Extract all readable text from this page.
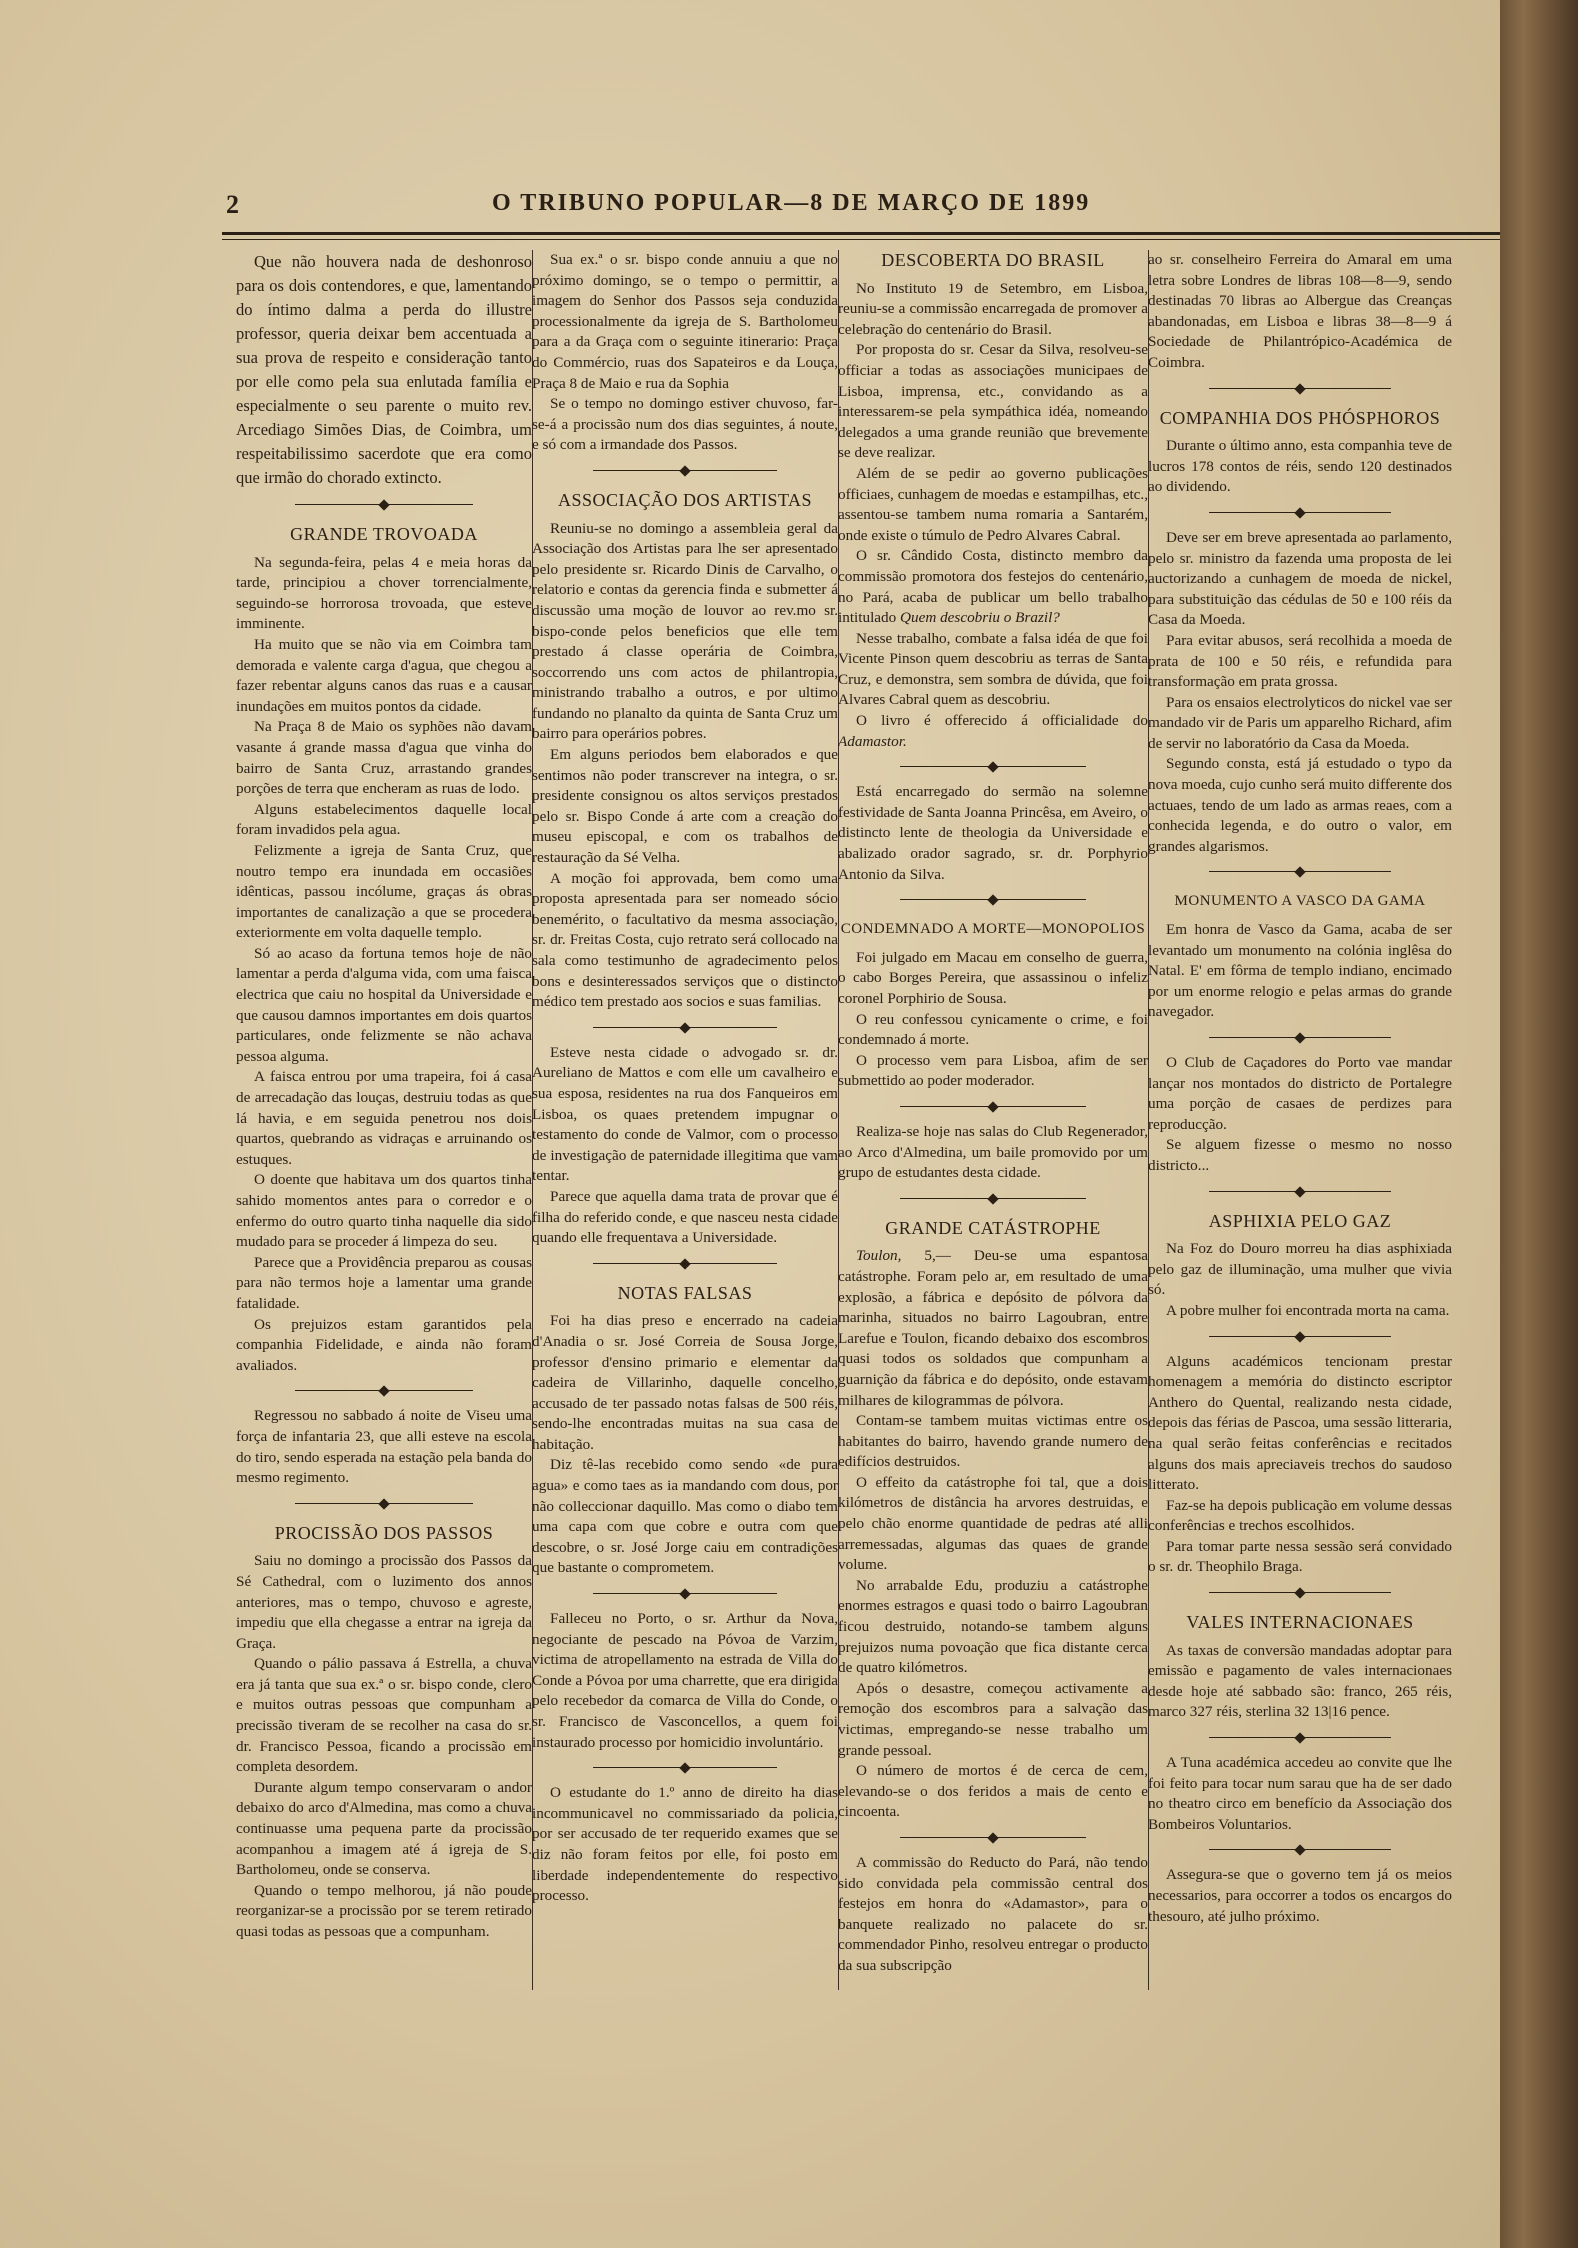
2	O TRIBUNO POPULAR—8 DE MARÇO DE 1899

Que não houvera nada de deshonroso para os dois contendores, e que, lamentando do íntimo dalma a perda do illustre professor, queria deixar bem accentuada a sua prova de respeito e consideração tanto por elle como pela sua enlutada família e especialmente o seu parente o muito rev. Arcediago Simões Dias, de Coimbra, um respeitabilissimo sacerdote que era como que irmão do chorado extincto.

GRANDE TROVOADA

Na segunda-feira, pelas 4 e meia horas da tarde, principiou a chover torrencialmente, seguindo-se horrorosa trovoada, que esteve imminente.

Ha muito que se não via em Coimbra tam demorada e valente carga d'agua, que chegou a fazer rebentar alguns canos das ruas e a causar inundações em muitos pontos da cidade.

Na Praça 8 de Maio os syphões não davam vasante á grande massa d'agua que vinha do bairro de Santa Cruz, arrastando grandes porções de terra que encheram as ruas de lodo.

Alguns estabelecimentos daquelle local foram invadidos pela agua.

Felizmente a igreja de Santa Cruz, que noutro tempo era inundada em occasiões idênticas, passou incólume, graças ás obras importantes de canalização a que se procedera exteriormente em volta daquelle templo.

Só ao acaso da fortuna temos hoje de não lamentar a perda d'alguma vida, com uma faisca electrica que caiu no hospital da Universidade e que causou damnos importantes em dois quartos particulares, onde felizmente se não achava pessoa alguma.

A faisca entrou por uma trapeira, foi á casa de arrecadação das louças, destruiu todas as que lá havia, e em seguida penetrou nos dois quartos, quebrando as vidraças e arruinando os estuques.

O doente que habitava um dos quartos tinha sahido momentos antes para o corredor e o enfermo do outro quarto tinha naquelle dia sido mudado para se proceder á limpeza do seu.

Parece que a Providência preparou as cousas para não termos hoje a lamentar uma grande fatalidade.

Os prejuizos estam garantidos pela companhia Fidelidade, e ainda não foram avaliados.

Regressou no sabbado á noite de Viseu uma força de infantaria 23, que alli esteve na escola do tiro, sendo esperada na estação pela banda do mesmo regimento.

PROCISSÃO DOS PASSOS

Saiu no domingo a procissão dos Passos da Sé Cathedral, com o luzimento dos annos anteriores, mas o tempo, chuvoso e agreste, impediu que ella chegasse a entrar na igreja da Graça.

Quando o pálio passava á Estrella, a chuva era já tanta que sua ex.ª o sr. bispo conde, clero e muitos outras pessoas que compunham a precissão tiveram de se recolher na casa do sr. dr. Francisco Pessoa, ficando a procissão em completa desordem.

Durante algum tempo conservaram o andor debaixo do arco d'Almedina, mas como a chuva continuasse uma pequena parte da procissão acompanhou a imagem até á igreja de S. Bartholomeu, onde se conserva.

Quando o tempo melhorou, já não poude reorganizar-se a procissão por se terem retirado quasi todas as pessoas que a compunham.

Sua ex.ª o sr. bispo conde annuiu a que no próximo domingo, se o tempo o permittir, a imagem do Senhor dos Passos seja conduzida processionalmente da igreja de S. Bartholomeu para a da Graça com o seguinte itinerario: Praça do Commércio, ruas dos Sapateiros e da Louça, Praça 8 de Maio e rua da Sophia

Se o tempo no domingo estiver chuvoso, far-se-á a procissão num dos dias seguintes, á noute, e só com a irmandade dos Passos.

ASSOCIAÇÃO DOS ARTISTAS

Reuniu-se no domingo a assembleia geral da Associação dos Artistas para lhe ser apresentado pelo presidente sr. Ricardo Dinis de Carvalho, o relatorio e contas da gerencia finda e submetter á discussão uma moção de louvor ao rev.mo sr. bispo-conde pelos beneficios que elle tem prestado á classe operária de Coimbra, soccorrendo uns com actos de philantropia, ministrando trabalho a outros, e por ultimo fundando no planalto da quinta de Santa Cruz um bairro para operários pobres.

Em alguns periodos bem elaborados e que sentimos não poder transcrever na integra, o sr. presidente consignou os altos serviços prestados pelo sr. Bispo Conde á arte com a creação do museu episcopal, e com os trabalhos de restauração da Sé Velha.

A moção foi approvada, bem como uma proposta apresentada para ser nomeado sócio benemérito, o facultativo da mesma associação, sr. dr. Freitas Costa, cujo retrato será collocado na sala como testimunho de agradecimento pelos bons e desinteressados serviços que o distincto médico tem prestado aos socios e suas familias.

Esteve nesta cidade o advogado sr. dr. Aureliano de Mattos e com elle um cavalheiro e sua esposa, residentes na rua dos Fanqueiros em Lisboa, os quaes pretendem impugnar o testamento do conde de Valmor, com o processo de investigação de paternidade illegitima que vam tentar.

Parece que aquella dama trata de provar que é filha do referido conde, e que nasceu nesta cidade quando elle frequentava a Universidade.

NOTAS FALSAS

Foi ha dias preso e encerrado na cadeia d'Anadia o sr. José Correia de Sousa Jorge, professor d'ensino primario e elementar da cadeira de Villarinho, daquelle concelho, accusado de ter passado notas falsas de 500 réis, sendo-lhe encontradas muitas na sua casa de habitação.

Diz tê-las recebido como sendo «de pura agua» e como taes as ia mandando com dous, por não colleccionar daquillo. Mas como o diabo tem uma capa com que cobre e outra com que descobre, o sr. José Jorge caiu em contradições que bastante o comprometem.

Falleceu no Porto, o sr. Arthur da Nova, negociante de pescado na Póvoa de Varzim, victima de atropellamento na estrada de Villa do Conde a Póvoa por uma charrette, que era dirigida pelo recebedor da comarca de Villa do Conde, o sr. Francisco de Vasconcellos, a quem foi instaurado processo por homicidio involuntário.

O estudante do 1.º anno de direito ha dias incommunicavel no commissariado da policia, por ser accusado de ter requerido exames que se diz não foram feitos por elle, foi posto em liberdade independentemente do respectivo processo.

DESCOBERTA DO BRASIL

No Instituto 19 de Setembro, em Lisboa, reuniu-se a commissão encarregada de promover a celebração do centenário do Brasil.

Por proposta do sr. Cesar da Silva, resolveu-se officiar a todas as associações municipaes de Lisboa, imprensa, etc., convidando as a interessarem-se pela sympáthica idéa, nomeando delegados a uma grande reunião que brevemente se deve realizar.

Além de se pedir ao governo publicações officiaes, cunhagem de moedas e estampilhas, etc., assentou-se tambem numa romaria a Santarém, onde existe o túmulo de Pedro Alvares Cabral.

O sr. Cândido Costa, distincto membro da commissão promotora dos festejos do centenário, no Pará, acaba de publicar um bello trabalho intitulado Quem descobriu o Brazil?

Nesse trabalho, combate a falsa idéa de que foi Vicente Pinson quem descobriu as terras de Santa Cruz, e demonstra, sem sombra de dúvida, que foi Alvares Cabral quem as descobriu.

O livro é offerecido á officialidade do Adamastor.

Está encarregado do sermão na solemne festividade de Santa Joanna Princêsa, em Aveiro, o distincto lente de theologia da Universidade e abalizado orador sagrado, sr. dr. Porphyrio Antonio da Silva.

CONDEMNADO A MORTE—MONOPOLIOS

Foi julgado em Macau em conselho de guerra, o cabo Borges Pereira, que assassinou o infeliz coronel Porphirio de Sousa.

O reu confessou cynicamente o crime, e foi condemnado á morte.

O processo vem para Lisboa, afim de ser submettido ao poder moderador.

Realiza-se hoje nas salas do Club Regenerador, ao Arco d'Almedina, um baile promovido por um grupo de estudantes desta cidade.

GRANDE CATÁSTROPHE

Toulon, 5,— Deu-se uma espantosa catástrophe. Foram pelo ar, em resultado de uma explosão, a fábrica e depósito de pólvora da marinha, situados no bairro Lagoubran, entre Larefue e Toulon, ficando debaixo dos escombros quasi todos os soldados que compunham a guarnição da fábrica e do depósito, onde estavam milhares de kilogrammas de pólvora.

Contam-se tambem muitas victimas entre os habitantes do bairro, havendo grande numero de edifícios destruidos.

O effeito da catástrophe foi tal, que a dois kilómetros de distância ha arvores destruidas, e pelo chão enorme quantidade de pedras até alli arremessadas, algumas das quaes de grande volume.

No arrabalde Edu, produziu a catástrophe enormes estragos e quasi todo o bairro Lagoubran ficou destruido, notando-se tambem alguns prejuizos numa povoação que fica distante cerca de quatro kilómetros.

Após o desastre, começou activamente a remoção dos escombros para a salvação das victimas, empregando-se nesse trabalho um grande pessoal.

O número de mortos é de cerca de cem, elevando-se o dos feridos a mais de cento e cincoenta.

A commissão do Reducto do Pará, não tendo sido convidada pela commissão central dos festejos em honra do «Adamastor», para o banquete realizado no palacete do sr. commendador Pinho, resolveu entregar o producto da sua subscripção

ao sr. conselheiro Ferreira do Amaral em uma letra sobre Londres de libras 108—8—9, sendo destinadas 70 libras ao Albergue das Creanças abandonadas, em Lisboa e libras 38—8—9 á Sociedade de Philantrópico-Académica de Coimbra.

COMPANHIA DOS PHÓSPHOROS

Durante o último anno, esta companhia teve de lucros 178 contos de réis, sendo 120 destinados ao dividendo.

Deve ser em breve apresentada ao parlamento, pelo sr. ministro da fazenda uma proposta de lei auctorizando a cunhagem de moeda de nickel, para substituição das cédulas de 50 e 100 réis da Casa da Moeda.

Para evitar abusos, será recolhida a moeda de prata de 100 e 50 réis, e refundida para transformação em prata grossa.

Para os ensaios electrolyticos do nickel vae ser mandado vir de Paris um apparelho Richard, afim de servir no laboratório da Casa da Moeda.

Segundo consta, está já estudado o typo da nova moeda, cujo cunho será muito differente dos actuaes, tendo de um lado as armas reaes, com a conhecida legenda, e do outro o valor, em grandes algarismos.

MONUMENTO A VASCO DA GAMA

Em honra de Vasco da Gama, acaba de ser levantado um monumento na colónia inglêsa do Natal. E' em fôrma de templo indiano, encimado por um enorme relogio e pelas armas do grande navegador.

O Club de Caçadores do Porto vae mandar lançar nos montados do districto de Portalegre uma porção de casaes de perdizes para reproducção.

Se alguem fizesse o mesmo no nosso districto...

ASPHIXIA PELO GAZ

Na Foz do Douro morreu ha dias asphixiada pelo gaz de illuminação, uma mulher que vivia só.

A pobre mulher foi encontrada morta na cama.

Alguns académicos tencionam prestar homenagem a memória do distincto escriptor Anthero do Quental, realizando nesta cidade, depois das férias de Pascoa, uma sessão litteraria, na qual serão feitas conferências e recitados alguns dos mais apreciaveis trechos do saudoso litterato.

Faz-se ha depois publicação em volume dessas conferências e trechos escolhidos.

Para tomar parte nessa sessão será convidado o sr. dr. Theophilo Braga.

VALES INTERNACIONAES

As taxas de conversão mandadas adoptar para emissão e pagamento de vales internacionaes desde hoje até sabbado são: franco, 265 réis, marco 327 réis, sterlina 32 13|16 pence.

A Tuna académica accedeu ao convite que lhe foi feito para tocar num sarau que ha de ser dado no theatro circo em benefício da Associação dos Bombeiros Voluntarios.

Assegura-se que o governo tem já os meios necessarios, para occorrer a todos os encargos do thesouro, até julho próximo.
